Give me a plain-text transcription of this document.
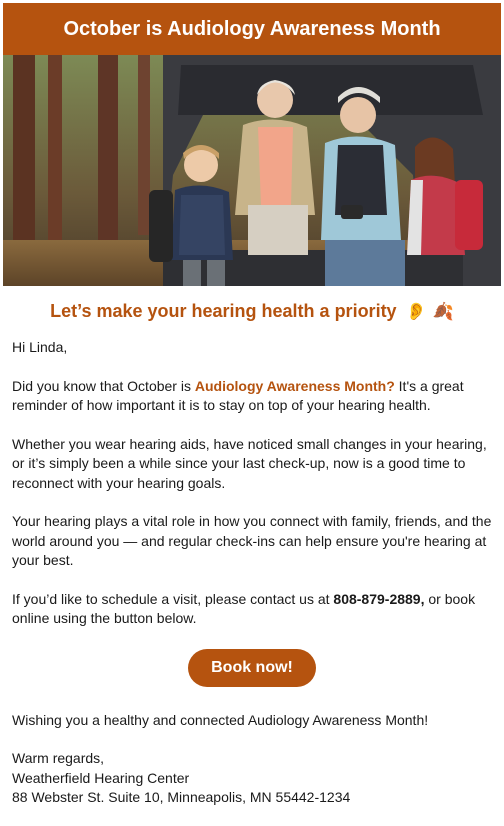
October is Audiology Awareness Month
Let’s make your hearing health a priority 👂 🍂

Hi Linda,

Did you know that October is Audiology Awareness Month? It's a great reminder of how important it is to stay on top of your hearing health.

Whether you wear hearing aids, have noticed small changes in your hearing, or it’s simply been a while since your last check-up, now is a good time to reconnect with your hearing goals.

Your hearing plays a vital role in how you connect with family, friends, and the world around you — and regular check-ins can help ensure you're hearing at your best.

If you’d like to schedule a visit, please contact us at 808-879-2889, or book online using the button below.

Book now!

Wishing you a healthy and connected Audiology Awareness Month!

Warm regards,

Weatherfield Hearing Center

88 Webster St. Suite 10, Minneapolis, MN 55442-1234
